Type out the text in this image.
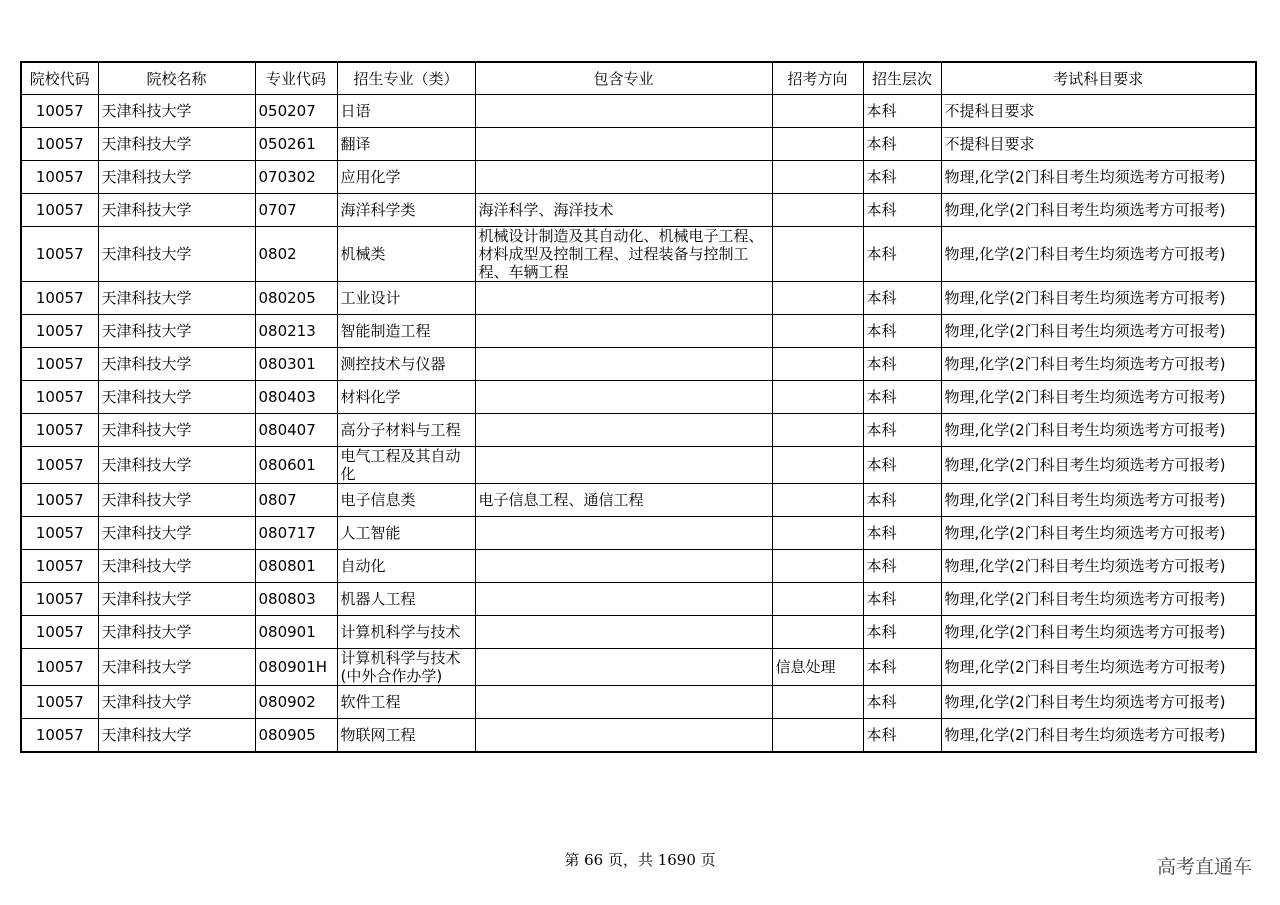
院校代码	院校名称	专业代码	招生专业（类）	包含专业	招考方向	招生层次	考试科目要求
10057	天津科技大学	050207	日语			本科	不提科目要求
10057	天津科技大学	050261	翻译			本科	不提科目要求
10057	天津科技大学	070302	应用化学			本科	物理,化学(2门科目考生均须选考方可报考)
10057	天津科技大学	0707	海洋科学类	海洋科学、海洋技术		本科	物理,化学(2门科目考生均须选考方可报考)
10057	天津科技大学	0802	机械类	机械设计制造及其自动化、机械电子工程、材料成型及控制工程、过程装备与控制工程、车辆工程		本科	物理,化学(2门科目考生均须选考方可报考)
10057	天津科技大学	080205	工业设计			本科	物理,化学(2门科目考生均须选考方可报考)
10057	天津科技大学	080213	智能制造工程			本科	物理,化学(2门科目考生均须选考方可报考)
10057	天津科技大学	080301	测控技术与仪器			本科	物理,化学(2门科目考生均须选考方可报考)
10057	天津科技大学	080403	材料化学			本科	物理,化学(2门科目考生均须选考方可报考)
10057	天津科技大学	080407	高分子材料与工程			本科	物理,化学(2门科目考生均须选考方可报考)
10057	天津科技大学	080601	电气工程及其自动化			本科	物理,化学(2门科目考生均须选考方可报考)
10057	天津科技大学	0807	电子信息类	电子信息工程、通信工程		本科	物理,化学(2门科目考生均须选考方可报考)
10057	天津科技大学	080717	人工智能			本科	物理,化学(2门科目考生均须选考方可报考)
10057	天津科技大学	080801	自动化			本科	物理,化学(2门科目考生均须选考方可报考)
10057	天津科技大学	080803	机器人工程			本科	物理,化学(2门科目考生均须选考方可报考)
10057	天津科技大学	080901	计算机科学与技术			本科	物理,化学(2门科目考生均须选考方可报考)
10057	天津科技大学	080901H	计算机科学与技术(中外合作办学)		信息处理	本科	物理,化学(2门科目考生均须选考方可报考)
10057	天津科技大学	080902	软件工程			本科	物理,化学(2门科目考生均须选考方可报考)
10057	天津科技大学	080905	物联网工程			本科	物理,化学(2门科目考生均须选考方可报考)
第 66 页，共 1690 页	高考直通车
